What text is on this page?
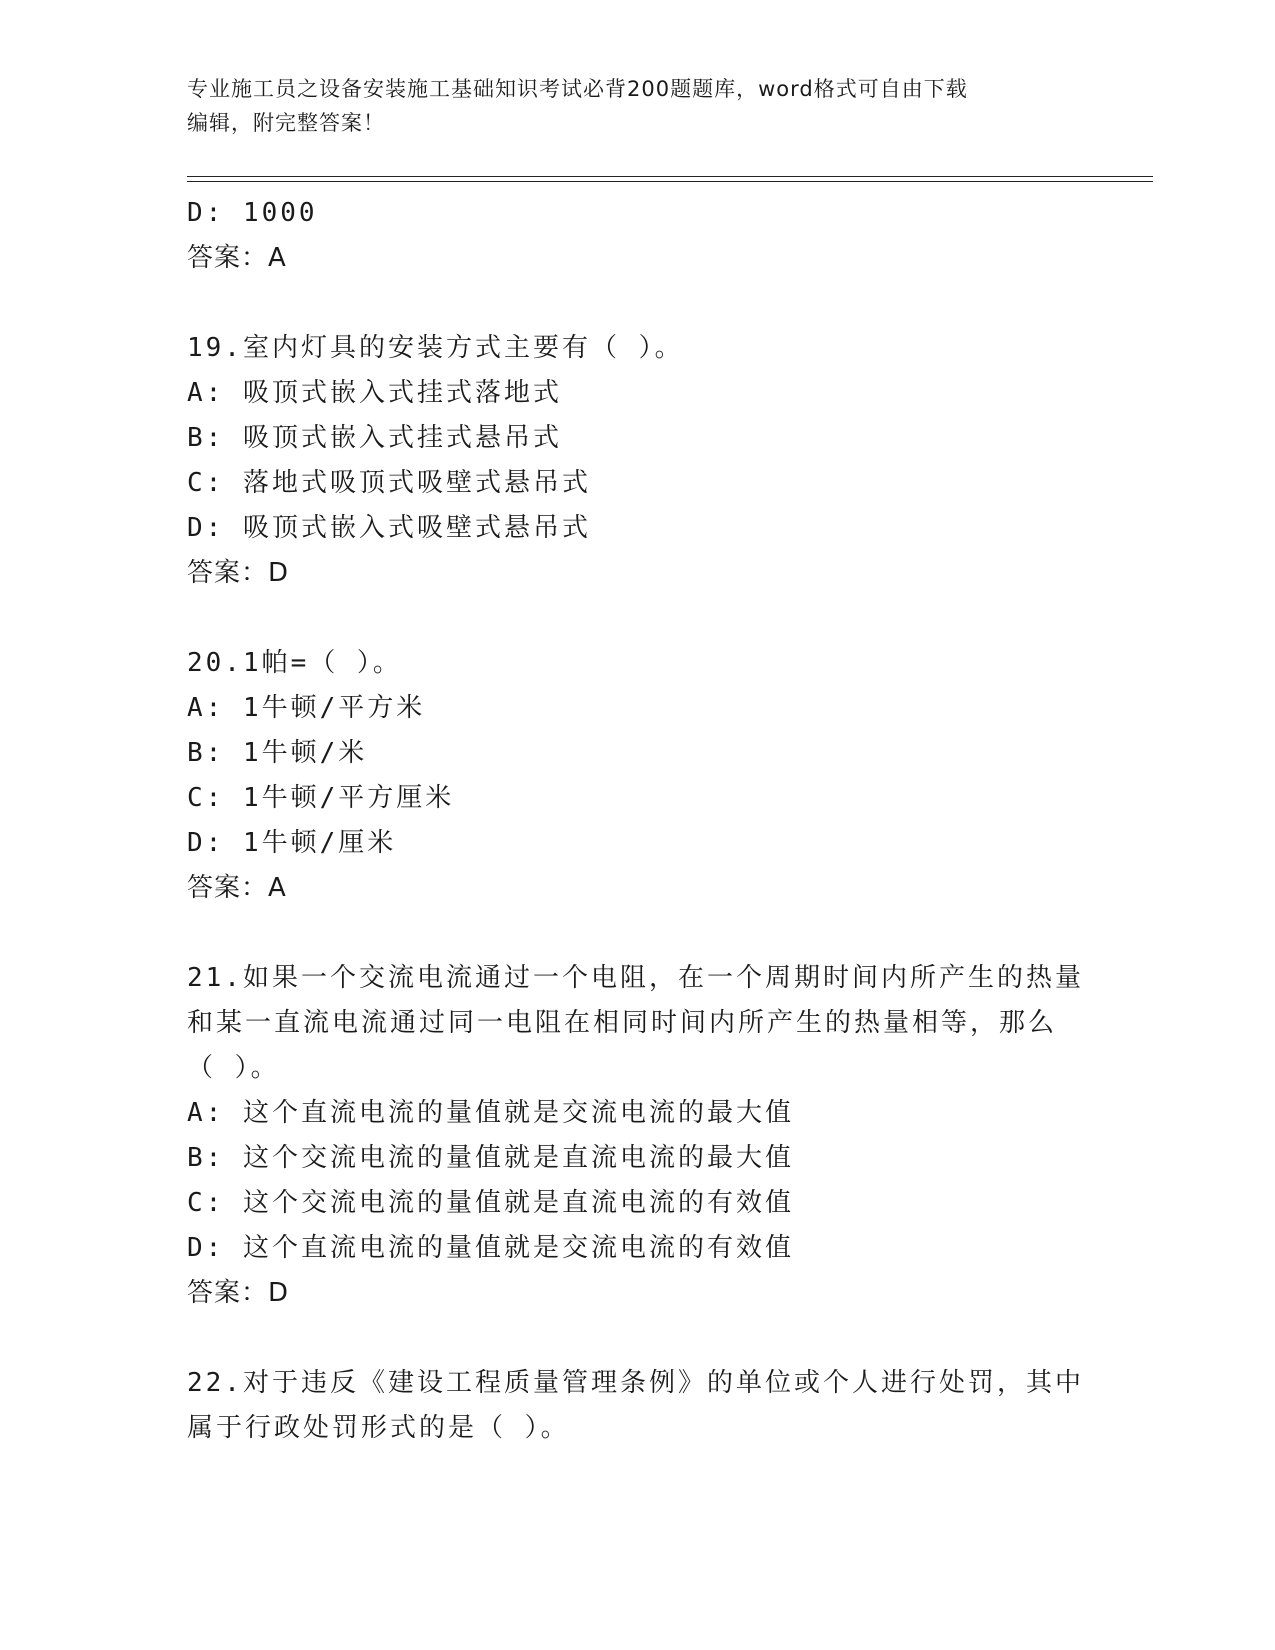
专业施工员之设备安装施工基础知识考试必背200题题库，word格式可自由下载
编辑，附完整答案！
D: 1000
答案：A
19.室内灯具的安装方式主要有（ ）。
A: 吸顶式嵌入式挂式落地式
B: 吸顶式嵌入式挂式悬吊式
C: 落地式吸顶式吸壁式悬吊式
D: 吸顶式嵌入式吸壁式悬吊式
答案：D
20.1帕=（ ）。
A: 1牛顿/平方米
B: 1牛顿/米
C: 1牛顿/平方厘米
D: 1牛顿/厘米
答案：A
21.如果一个交流电流通过一个电阻，在一个周期时间内所产生的热量
和某一直流电流通过同一电阻在相同时间内所产生的热量相等，那么
（ ）。
A: 这个直流电流的量值就是交流电流的最大值
B: 这个交流电流的量值就是直流电流的最大值
C: 这个交流电流的量值就是直流电流的有效值
D: 这个直流电流的量值就是交流电流的有效值
答案：D
22.对于违反《建设工程质量管理条例》的单位或个人进行处罚，其中
属于行政处罚形式的是（ ）。
